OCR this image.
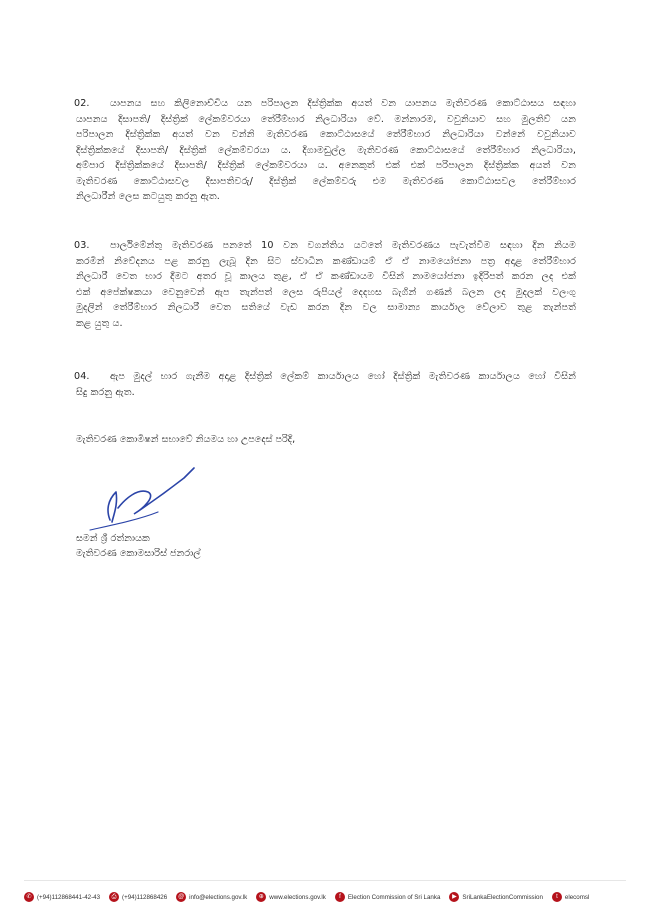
02. යාපනය සහ කිලිනොච්චිය යන පරිපාලන දිස්ත්‍රික්ක අයත් වන යාපනය මැතිවරණ කොට්ඨාසය සඳහා
යාපනය දිසාපති/ දිස්ත්‍රික් ලේකම්වරයා තේරීම්භාර නිලධාරියා වේ. මන්නාරම, වවුනියාව සහ මුලතිව් යන
පරිපාලන දිස්ත්‍රික්ක අයත් වන වන්නි මැතිවරණ කොට්ඨාසයේ තේරීම්භාර නිලධාරියා වන්නේ වවුනියාව
දිස්ත්‍රික්කයේ දිසාපති/ දිස්ත්‍රික් ලේකම්වරයා ය. දිගාමඩුල්ල මැතිවරණ කොට්ඨාසයේ තේරීම්භාර නිලධාරියා,
අම්පාර දිස්ත්‍රික්කයේ දිසාපති/ දිස්ත්‍රික් ලේකම්වරයා ය. අනෙකුත් එක් එක් පරිපාලන දිස්ත්‍රික්ක අයත් වන
මැතිවරණ කොට්ඨාසවල දිසාපතිවරු/ දිස්ත්‍රික් ලේකම්වරු එම මැතිවරණ කොට්ඨාසවල තේරීම්භාර
නිලධාරීන් ලෙස කටයුතු කරනු ඇත.
03. පාර්ලිමේන්තු මැතිවරණ පනතේ 10 වන වගන්තිය යටතේ මැතිවරණය පැවැත්වීම සඳහා දින නියම
කරමින් නිවේදනය පළ කරනු ලැබූ දින සිට ස්වාධීන කණ්ඩායම් ඒ ඒ නාමයෝජනා පත්‍ර අදාළ තේරීම්භාර
නිලධාරී වෙත භාර දීමට අතර වූ කාලය තුළ, ඒ ඒ කණ්ඩායම විසින් නාමයෝජනා ඉදිරිපත් කරන ලද එක්
එක් අපේක්ෂකයා වෙනුවෙන් ඇප තැන්පත් ලෙස රුපියල් දෙදහස බැගින් ගණන් බලන ලද මුදලක් වලංගු
මුදලින් තේරීම්භාර නිලධාරී වෙත සතියේ වැඩ කරන දින වල සාමාන්‍ය කාර්යාල වේලාව තුළ තැන්පත්
කළ යුතු ය.
04. ඇප මුදල් භාර ගැනීම අදාළ දිස්ත්‍රික් ලේකම් කාර්යාලය හෝ දිස්ත්‍රික් මැතිවරණ කාර්යාලය හෝ විසින්
සිදු කරනු ඇත.
මැතිවරණ කොමිෂන් සභාවේ නියමය හා උපදෙස් පරිදි,
සමන් ශ්‍රී රත්නායක
මැතිවරණ කොමසාරිස් ජනරාල්
✆ (+94)112868441-42-43	⎙ (+94)112868426	@ info@elections.gov.lk	⊕ www.elections.gov.lk	f	Election Commission of Sri Lanka	▶ SriLankaElectionCommission	t	elecomsl
